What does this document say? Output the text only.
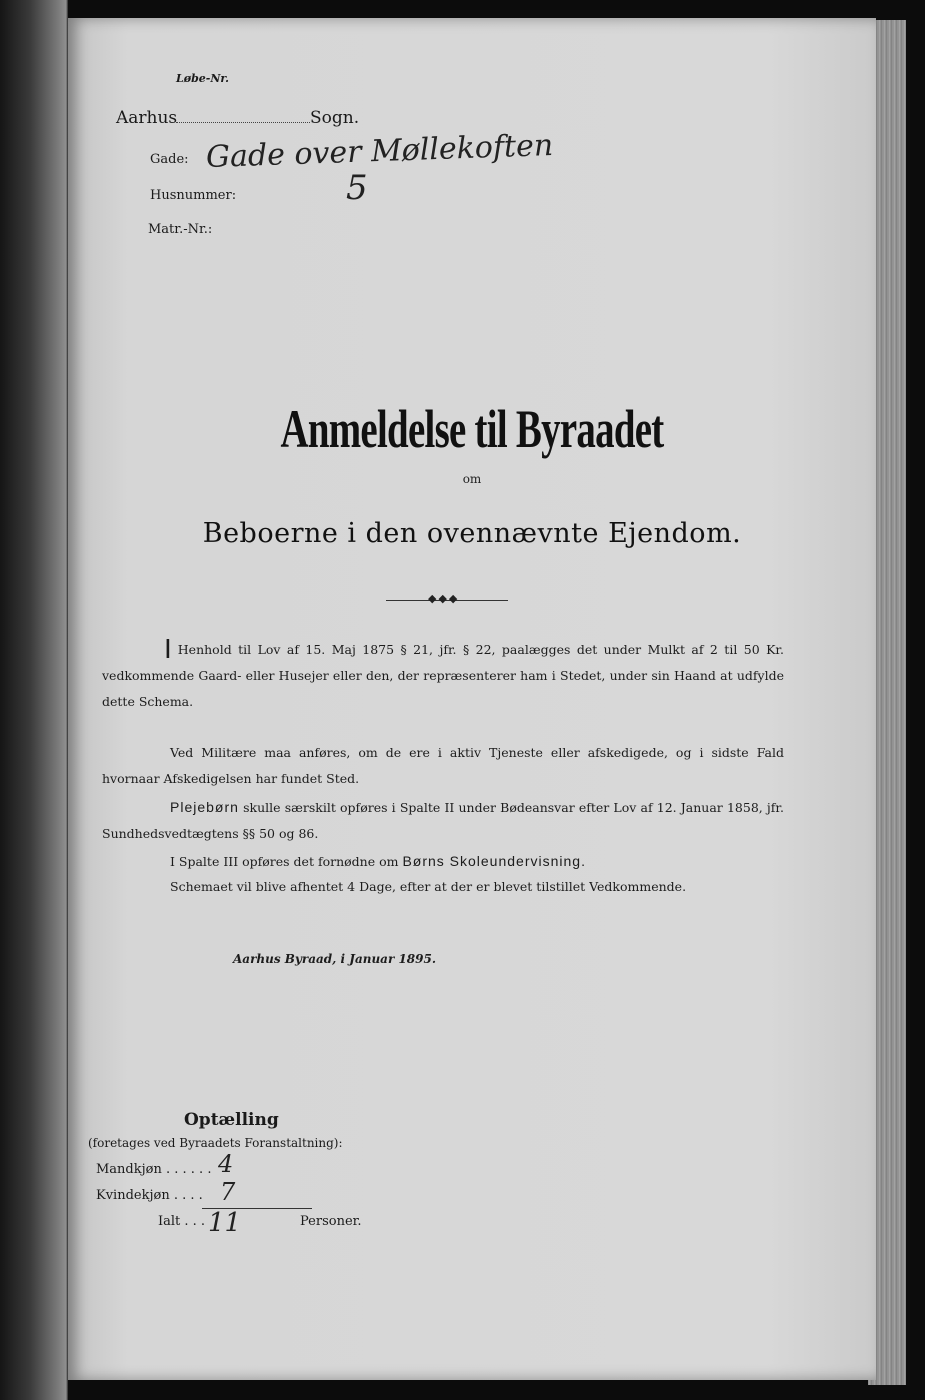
Løbe-Nr.
Aarhus	Sogn.
Gade: Gade over Møllekoften
Husnummer:	5
Matr.-Nr.:
Anmeldelse til Byraadet
om
Beboerne i den ovennævnte Ejendom.
◆◆◆
I Henhold til Lov af 15. Maj 1875 § 21, jfr. § 22, paalægges det under Mulkt af 2 til 50 Kr. vedkommende Gaard- eller Husejer eller den, der repræsenterer ham i Stedet, under sin Haand at udfylde dette Schema.
Ved Militære maa anføres, om de ere i aktiv Tjeneste eller afskedigede, og i sidste Fald hvornaar Afskedigelsen har fundet Sted.
Plejebørn skulle særskilt opføres i Spalte II under Bødeansvar efter Lov af 12. Januar 1858, jfr. Sundhedsvedtægtens §§ 50 og 86.
I Spalte III opføres det fornødne om Børns Skoleundervisning.
Schemaet vil blive afhentet 4 Dage, efter at der er blevet tilstillet Vedkommende.
Aarhus Byraad, i Januar 1895.
Optælling
(foretages ved Byraadets Foranstaltning):
Mandkjøn . . . . . . 4
Kvindekjøn . . . . 7
Ialt . . . 11	Personer.
